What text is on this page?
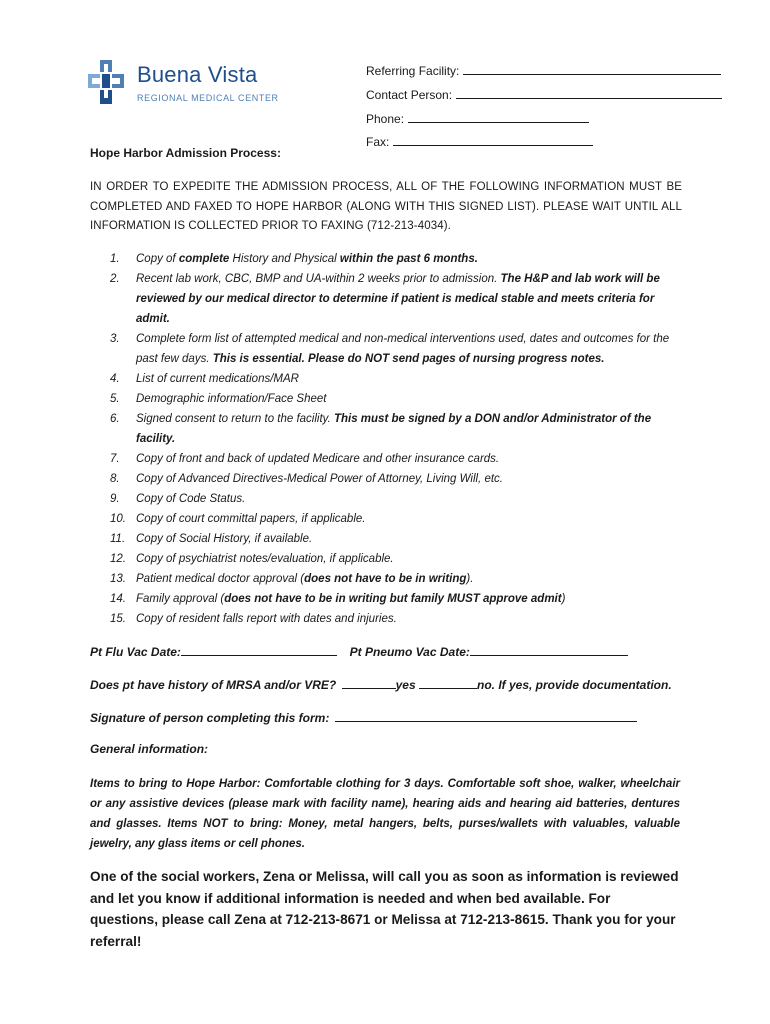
Buena Vista
REGIONAL MEDICAL CENTER
Referring Facility:
Contact Person:
Phone:
Fax:
Hope Harbor Admission Process:
IN ORDER TO EXPEDITE THE ADMISSION PROCESS, ALL OF THE FOLLOWING INFORMATION MUST BE COMPLETED AND FAXED TO HOPE HARBOR (ALONG WITH THIS SIGNED LIST). PLEASE WAIT UNTIL ALL INFORMATION IS COLLECTED PRIOR TO FAXING (712-213-4034).
1.	Copy of complete History and Physical within the past 6 months.
2.	Recent lab work, CBC, BMP and UA-within 2 weeks prior to admission. The H&P and lab work will be reviewed by our medical director to determine if patient is medical stable and meets criteria for admit.
3.	Complete form list of attempted medical and non-medical interventions used, dates and outcomes for the past few days. This is essential. Please do NOT send pages of nursing progress notes.
4.	List of current medications/MAR
5.	Demographic information/Face Sheet
6.	Signed consent to return to the facility. This must be signed by a DON and/or Administrator of the facility.
7.	Copy of front and back of updated Medicare and other insurance cards.
8.	Copy of Advanced Directives-Medical Power of Attorney, Living Will, etc.
9.	Copy of Code Status.
10. Copy of court committal papers, if applicable.
11. Copy of Social History, if available.
12. Copy of psychiatrist notes/evaluation, if applicable.
13. Patient medical doctor approval (does not have to be in writing).
14. Family approval (does not have to be in writing but family MUST approve admit)
15. Copy of resident falls report with dates and injuries.
Pt Flu Vac Date:	Pt Pneumo Vac Date:
Does pt have history of MRSA and/or VRE?	yes	no. If yes, provide documentation.
Signature of person completing this form:
General information:
Items to bring to Hope Harbor: Comfortable clothing for 3 days. Comfortable soft shoe, walker, wheelchair or any assistive devices (please mark with facility name), hearing aids and hearing aid batteries, dentures and glasses. Items NOT to bring: Money, metal hangers, belts, purses/wallets with valuables, valuable jewelry, any glass items or cell phones.
One of the social workers, Zena or Melissa, will call you as soon as information is reviewed and let you know if additional information is needed and when bed available. For questions, please call Zena at 712-213-8671 or Melissa at 712-213-8615. Thank you for your referral!
